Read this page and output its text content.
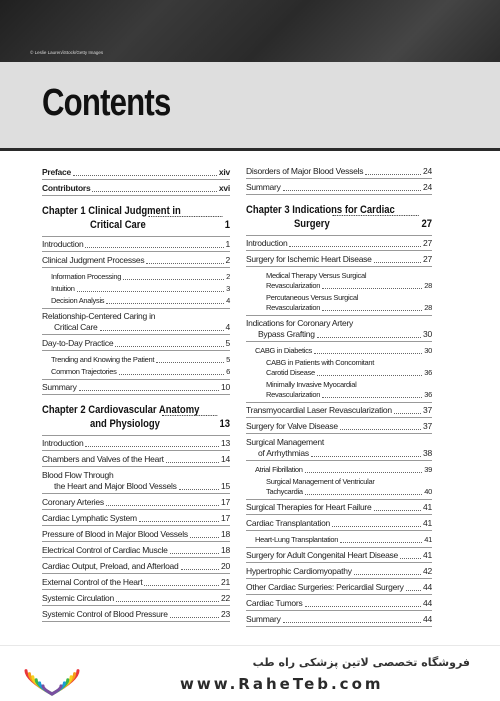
© Leslie Lauren/iStock/Getty Images
Contents
Preface	xiv
Contributors	xvi
Chapter 1 Clinical Judgment in
Critical Care	1
Introduction	1
Clinical Judgment Processes	2
Information Processing	2
Intuition	3
Decision Analysis	4
Relationship-Centered Caring in
Critical Care	4
Day-to-Day Practice	5
Trending and Knowing the Patient	5
Common Trajectories	6
Summary	10
Chapter 2 Cardiovascular Anatomy
and Physiology	13
Introduction	13
Chambers and Valves of the Heart	14
Blood Flow Through
the Heart and Major Blood Vessels	15
Coronary Arteries	17
Cardiac Lymphatic System	17
Pressure of Blood in Major Blood Vessels	18
Electrical Control of Cardiac Muscle	18
Cardiac Output, Preload, and Afterload	20
External Control of the Heart	21
Systemic Circulation	22
Systemic Control of Blood Pressure	23
Disorders of Major Blood Vessels	24
Summary	24
Chapter 3 Indications for Cardiac
Surgery	27
Introduction	27
Surgery for Ischemic Heart Disease	27
Medical Therapy Versus Surgical
Revascularization	28
Percutaneous Versus Surgical
Revascularization	28
Indications for Coronary Artery
Bypass Grafting	30
CABG in Diabetics	30
CABG in Patients with Concomitant
Carotid Disease	36
Minimally Invasive Myocardial
Revascularization	36
Transmyocardial Laser Revascularization	37
Surgery for Valve Disease	37
Surgical Management
of Arrhythmias	38
Atrial Fibrillation	39
Surgical Management of Ventricular
Tachycardia	40
Surgical Therapies for Heart Failure	41
Cardiac Transplantation	41
Heart-Lung Transplantation	41
Surgery for Adult Congenital Heart Disease	41
Hypertrophic Cardiomyopathy	42
Other Cardiac Surgeries: Pericardial Surgery 44
Cardiac Tumors	44
Summary	44
فروشگاه تخصصی لاتین پزشکی راه طب
www.RaheTeb.com
